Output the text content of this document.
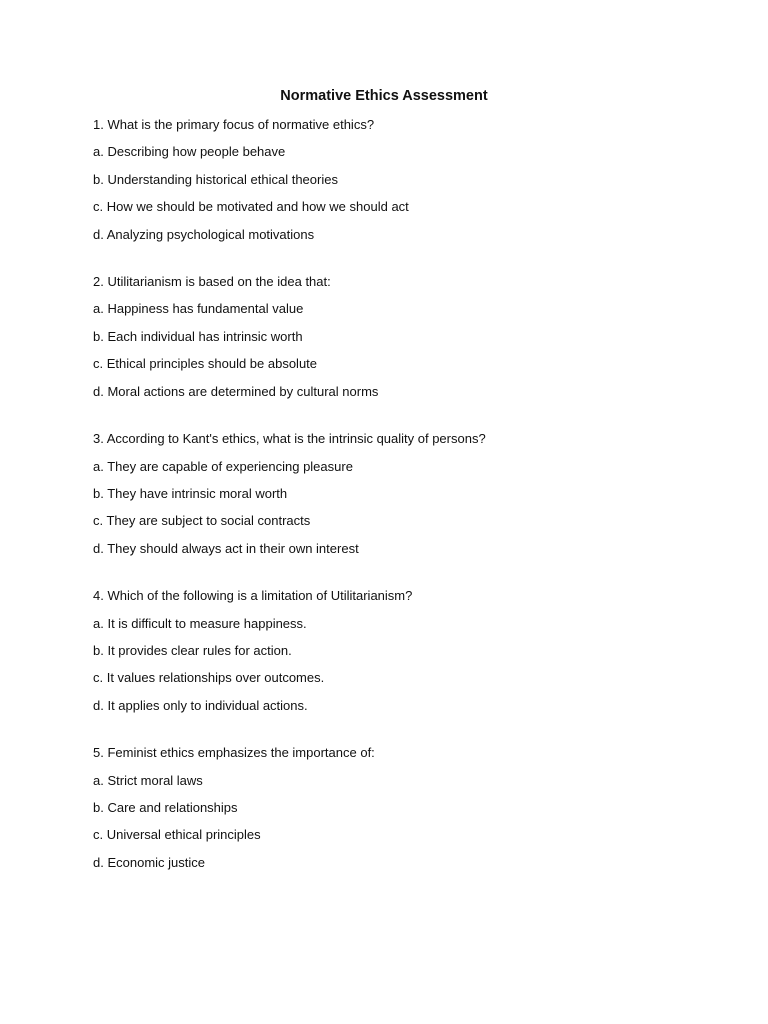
Normative Ethics Assessment
1. What is the primary focus of normative ethics?
a. Describing how people behave
b. Understanding historical ethical theories
c. How we should be motivated and how we should act
d. Analyzing psychological motivations
2. Utilitarianism is based on the idea that:
a. Happiness has fundamental value
b. Each individual has intrinsic worth
c. Ethical principles should be absolute
d. Moral actions are determined by cultural norms
3. According to Kant's ethics, what is the intrinsic quality of persons?
a. They are capable of experiencing pleasure
b. They have intrinsic moral worth
c. They are subject to social contracts
d. They should always act in their own interest
4. Which of the following is a limitation of Utilitarianism?
a. It is difficult to measure happiness.
b. It provides clear rules for action.
c. It values relationships over outcomes.
d. It applies only to individual actions.
5. Feminist ethics emphasizes the importance of:
a. Strict moral laws
b. Care and relationships
c. Universal ethical principles
d. Economic justice
